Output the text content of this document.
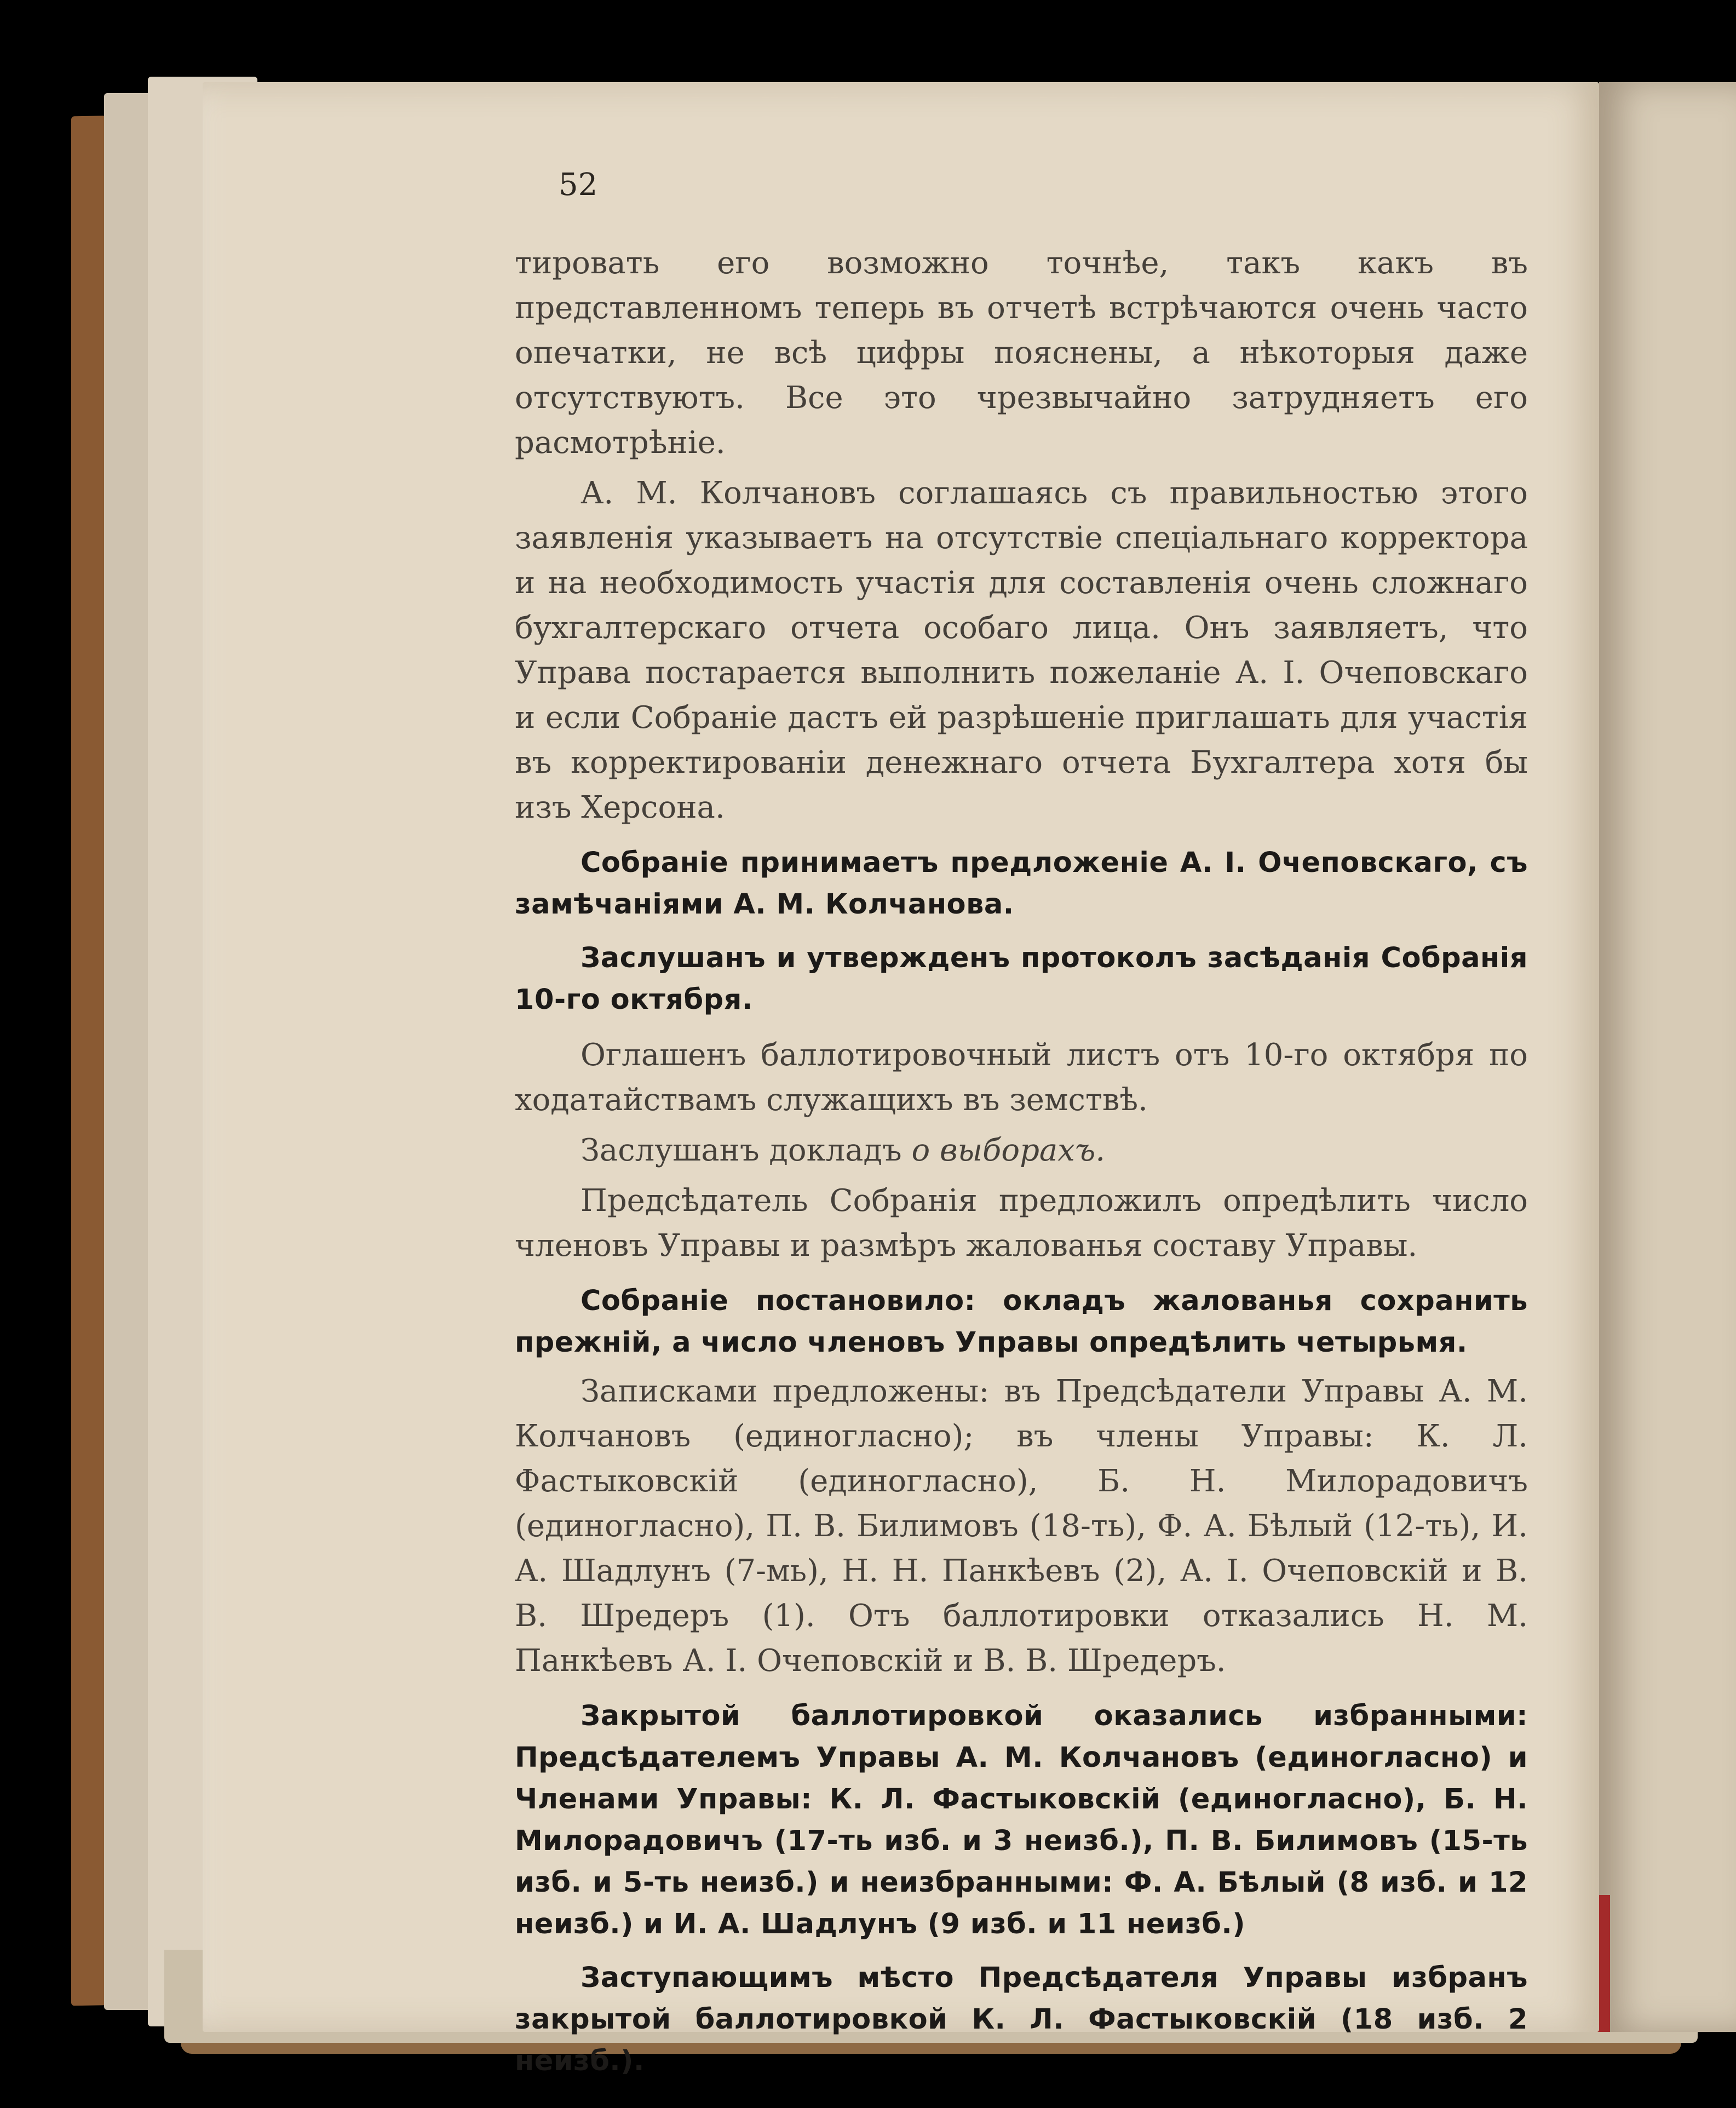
52

тировать его возможно точнѣе, такъ какъ въ представленномъ теперь въ отчетѣ встрѣчаются очень часто опечатки, не всѣ цифры пояснены, а нѣкоторыя даже отсутствуютъ. Все это чрезвычайно затрудняетъ его расмотрѣніе.

А. М. Колчановъ соглашаясь съ правильностью этого заявленія указываетъ на отсутствіе спеціальнаго корректора и на необходимость участія для составленія очень сложнаго бухгалтерскаго отчета особаго лица. Онъ заявляетъ, что Управа постарается выполнить пожеланіе А. І. Очеповскаго и если Собраніе дастъ ей разрѣшеніе приглашать для участія въ корректированіи денежнаго отчета Бухгалтера хотя бы изъ Херсона.

Собраніе принимаетъ предложеніе А. І. Очеповскаго, съ замѣчаніями А. М. Колчанова.

Заслушанъ и утвержденъ протоколъ засѣданія Собранія 10-го октября.

Оглашенъ баллотировочный листъ отъ 10-го октября по ходатайствамъ служащихъ въ земствѣ.

Заслушанъ докладъ о выборахъ.

Предсѣдатель Собранія предложилъ опредѣлить число членовъ Управы и размѣръ жалованья составу Управы.

Собраніе постановило: окладъ жалованья сохранить прежній, а число членовъ Управы опредѣлить четырьмя.

Записками предложены: въ Предсѣдатели Управы А. М. Колчановъ (единогласно); въ члены Управы: К. Л. Фастыковскій (единогласно), Б. Н. Милорадовичъ (единогласно), П. В. Билимовъ (18-ть), Ф. А. Бѣлый (12-ть), И. А. Шадлунъ (7-мь), Н. Н. Панкѣевъ (2), А. І. Очеповскій и В. В. Шредеръ (1). Отъ баллотировки отказались Н. М. Панкѣевъ А. І. Очеповскій и В. В. Шредеръ.

Закрытой баллотировкой оказались избранными: Предсѣдателемъ Управы А. М. Колчановъ (единогласно) и Членами Управы: К. Л. Фастыковскій (единогласно), Б. Н. Милорадовичъ (17-ть изб. и 3 неизб.), П. В. Билимовъ (15-ть изб. и 5-ть неизб.) и неизбранными: Ф. А. Бѣлый (8 изб. и 12 неизб.) и И. А. Шадлунъ (9 изб. и 11 неизб.)

Заступающимъ мѣсто Предсѣдателя Управы избранъ закрытой баллотировкой К. Л. Фастыковскій (18 изб. 2 неизб.).
